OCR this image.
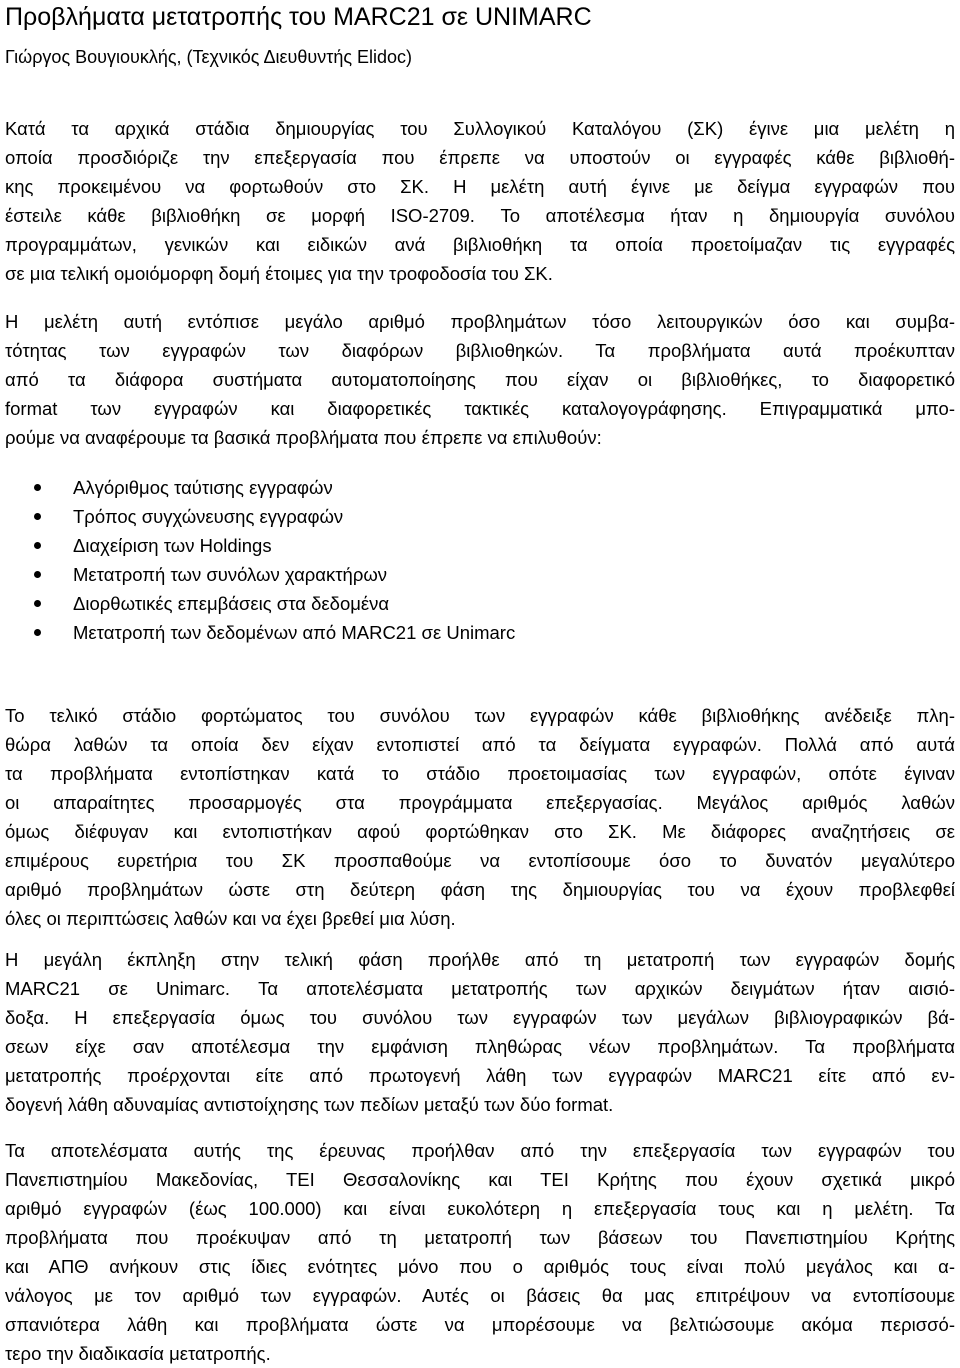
Προβλήματα μετατροπής του MARC21 σε UNIMARC

Γιώργος Βουγιουκλής, (Τεχνικός Διευθυντής Elidoc)

Κατά τα αρχικά στάδια δημιουργίας του Συλλογικού Καταλόγου (ΣΚ) έγινε μια μελέτη η
οποία προσδιόριζε την επεξεργασία που έπρεπε να υποστούν οι εγγραφές κάθε βιβλιοθή-
κης προκειμένου να φορτωθούν στο ΣΚ. Η μελέτη αυτή έγινε με δείγμα εγγραφών που
έστειλε κάθε βιβλιοθήκη σε μορφή ISO-2709. Το αποτέλεσμα ήταν η δημιουργία συνόλου
προγραμμάτων, γενικών και ειδικών ανά βιβλιοθήκη τα οποία προετοίμαζαν τις εγγραφές
σε μια τελική ομοιόμορφη δομή έτοιμες για την τροφοδοσία του ΣΚ.
Η μελέτη αυτή εντόπισε μεγάλο αριθμό προβλημάτων τόσο λειτουργικών όσο και συμβα-
τότητας των εγγραφών των διαφόρων βιβλιοθηκών. Τα προβλήματα αυτά προέκυπταν
από τα διάφορα συστήματα αυτοματοποίησης που είχαν οι βιβλιοθήκες, το διαφορετικό
format των εγγραφών και διαφορετικές τακτικές καταλογογράφησης. Επιγραμματικά μπο-
ρούμε να αναφέρουμε τα βασικά προβλήματα που έπρεπε να επιλυθούν:
Αλγόριθμος ταύτισης εγγραφών
Τρόπος συγχώνευσης εγγραφών
Διαχείριση των Holdings
Μετατροπή των συνόλων χαρακτήρων
Διορθωτικές επεμβάσεις στα δεδομένα
Μετατροπή των δεδομένων από MARC21 σε Unimarc
Το τελικό στάδιο φορτώματος του συνόλου των εγγραφών κάθε βιβλιοθήκης ανέδειξε πλη-
θώρα λαθών τα οποία δεν είχαν εντοπιστεί από τα δείγματα εγγραφών. Πολλά από αυτά
τα προβλήματα εντοπίστηκαν κατά το στάδιο προετοιμασίας των εγγραφών, οπότε έγιναν
οι απαραίτητες προσαρμογές στα προγράμματα επεξεργασίας. Μεγάλος αριθμός λαθών
όμως διέφυγαν και εντοπιστήκαν αφού φορτώθηκαν στο ΣΚ. Με διάφορες αναζητήσεις σε
επιμέρους ευρετήρια του ΣΚ προσπαθούμε να εντοπίσουμε όσο το δυνατόν μεγαλύτερο
αριθμό προβλημάτων ώστε στη δεύτερη φάση της δημιουργίας του να έχουν προβλεφθεί
όλες οι περιπτώσεις λαθών και να έχει βρεθεί μια λύση.
Η μεγάλη έκπληξη στην τελική φάση προήλθε από τη μετατροπή των εγγραφών δομής
MARC21 σε Unimarc. Τα αποτελέσματα μετατροπής των αρχικών δειγμάτων ήταν αισιό-
δοξα. Η επεξεργασία όμως του συνόλου των εγγραφών των μεγάλων βιβλιογραφικών βά-
σεων είχε σαν αποτέλεσμα την εμφάνιση πληθώρας νέων προβλημάτων. Τα προβλήματα
μετατροπής προέρχονται είτε από πρωτογενή λάθη των εγγραφών MARC21 είτε από εν-
δογενή λάθη αδυναμίας αντιστοίχησης των πεδίων μεταξύ των δύο format.
Τα αποτελέσματα αυτής της έρευνας προήλθαν από την επεξεργασία των εγγραφών του
Πανεπιστημίου Μακεδονίας, ΤΕΙ Θεσσαλονίκης και ΤΕΙ Κρήτης που έχουν σχετικά μικρό
αριθμό εγγραφών (έως 100.000) και είναι ευκολότερη η επεξεργασία τους και η μελέτη. Τα
προβλήματα που προέκυψαν από τη μετατροπή των βάσεων του Πανεπιστημίου Κρήτης
και ΑΠΘ ανήκουν στις ίδιες ενότητες μόνο που ο αριθμός τους είναι πολύ μεγάλος και α-
νάλογος με τον αριθμό των εγγραφών. Αυτές οι βάσεις θα μας επιτρέψουν να εντοπίσουμε
σπανιότερα λάθη και προβλήματα ώστε να μπορέσουμε να βελτιώσουμε ακόμα περισσό-
τερο την διαδικασία μετατροπής.
